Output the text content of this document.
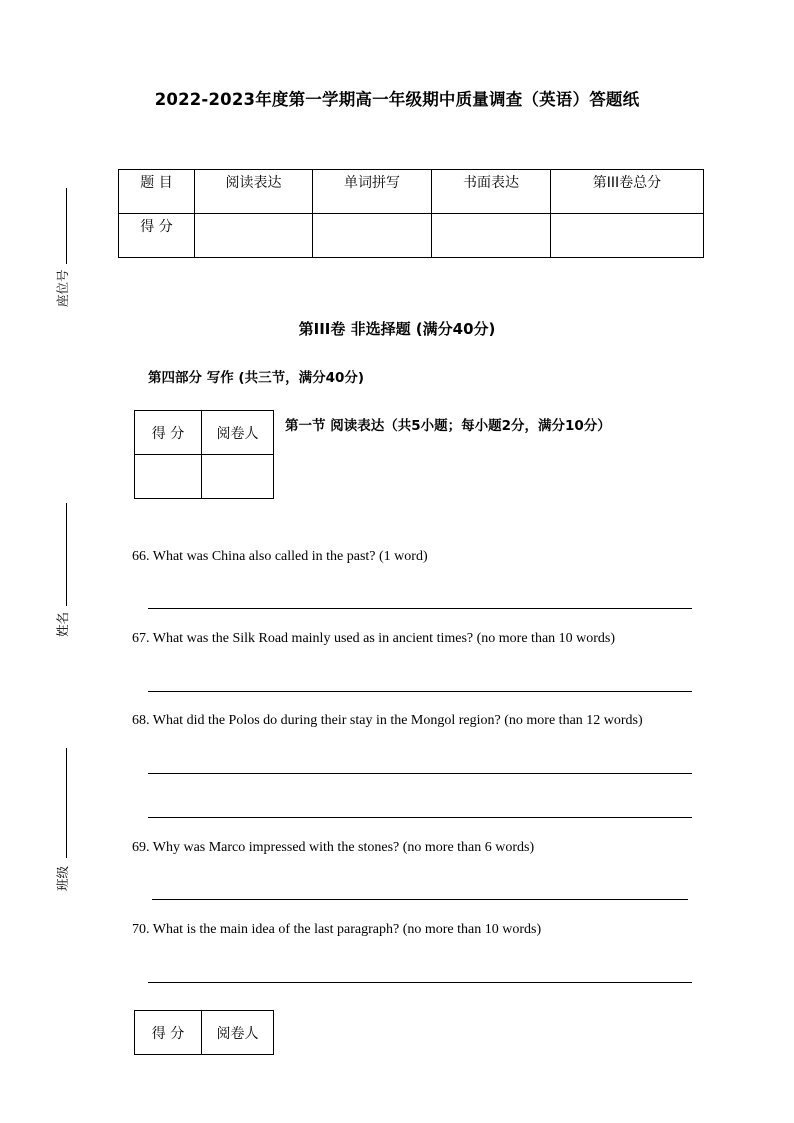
2022-2023年度第一学期高一年级期中质量调查（英语）答题纸
题 目	阅读表达	单词拼写	书面表达	第III卷总分
得 分				
第III卷 非选择题 (满分40分)
第四部分 写作 (共三节，满分40分)
得 分	阅卷人
	第一节 阅读表达（共5小题；每小题2分，满分10分）
66. What was China also called in the past? (1 word)
67. What was the Silk Road mainly used as in ancient times? (no more than 10 words)
68. What did the Polos do during their stay in the Mongol region? (no more than 12 words)
69. Why was Marco impressed with the stones? (no more than 6 words)
70. What is the main idea of the last paragraph? (no more than 10 words)
得 分	阅卷人
座位号
姓名
班级
